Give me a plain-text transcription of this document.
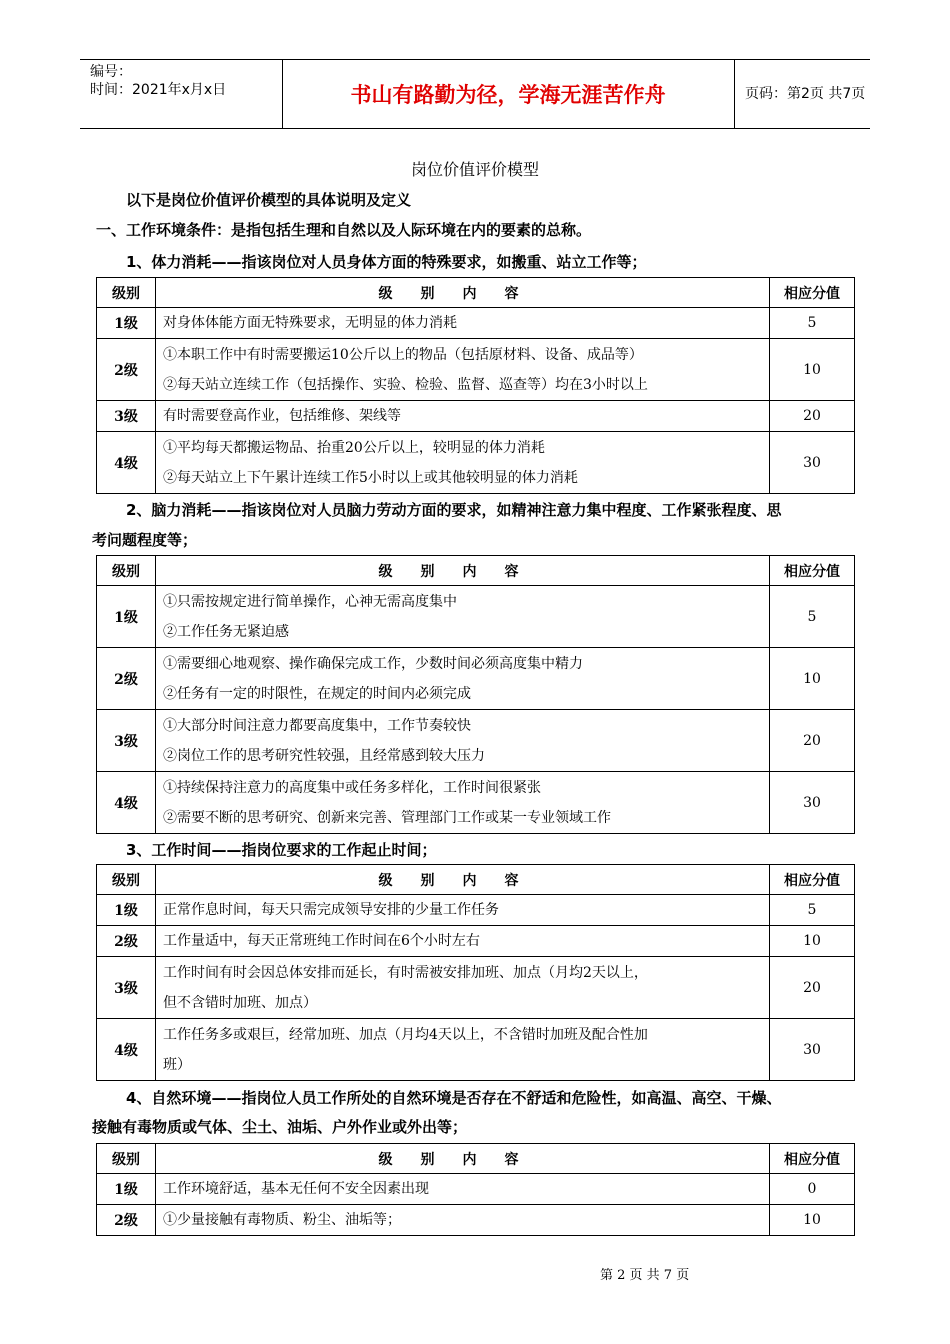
编号：
时间：2021年x月x日	书山有路勤为径，学海无涯苦作舟	页码：第2页 共7页
岗位价值评价模型
以下是岗位价值评价模型的具体说明及定义
一、工作环境条件：是指包括生理和自然以及人际环境在内的要素的总称。
1、体力消耗——指该岗位对人员身体方面的特殊要求，如搬重、站立工作等；
级别	级别内容	相应分值
1级	对身体体能方面无特殊要求，无明显的体力消耗	5
2级	①本职工作中有时需要搬运10公斤以上的物品（包括原材料、设备、成品等）
②每天站立连续工作（包括操作、实验、检验、监督、巡查等）均在3小时以上	10
3级	有时需要登高作业，包括维修、架线等	20
4级	①平均每天都搬运物品、抬重20公斤以上，较明显的体力消耗
②每天站立上下午累计连续工作5小时以上或其他较明显的体力消耗	30
2、脑力消耗——指该岗位对人员脑力劳动方面的要求，如精神注意力集中程度、工作紧张程度、思
考问题程度等；
级别	级别内容	相应分值
1级	①只需按规定进行简单操作，心神无需高度集中
②工作任务无紧迫感	5
2级	①需要细心地观察、操作确保完成工作，少数时间必须高度集中精力
②任务有一定的时限性，在规定的时间内必须完成	10
3级	①大部分时间注意力都要高度集中，工作节奏较快
②岗位工作的思考研究性较强，且经常感到较大压力	20
4级	①持续保持注意力的高度集中或任务多样化，工作时间很紧张
②需要不断的思考研究、创新来完善、管理部门工作或某一专业领域工作	30
3、工作时间——指岗位要求的工作起止时间；
级别	级别内容	相应分值
1级	正常作息时间，每天只需完成领导安排的少量工作任务	5
2级	工作量适中，每天正常班纯工作时间在6个小时左右	10
3级	工作时间有时会因总体安排而延长，有时需被安排加班、加点（月均2天以上，
但不含错时加班、加点）	20
4级	工作任务多或艰巨，经常加班、加点（月均4天以上，不含错时加班及配合性加
班）	30
4、自然环境——指岗位人员工作所处的自然环境是否存在不舒适和危险性，如高温、高空、干燥、
接触有毒物质或气体、尘土、油垢、户外作业或外出等；
级别	级别内容	相应分值
1级	工作环境舒适，基本无任何不安全因素出现	0
2级	①少量接触有毒物质、粉尘、油垢等；	10
第 2 页 共 7 页
